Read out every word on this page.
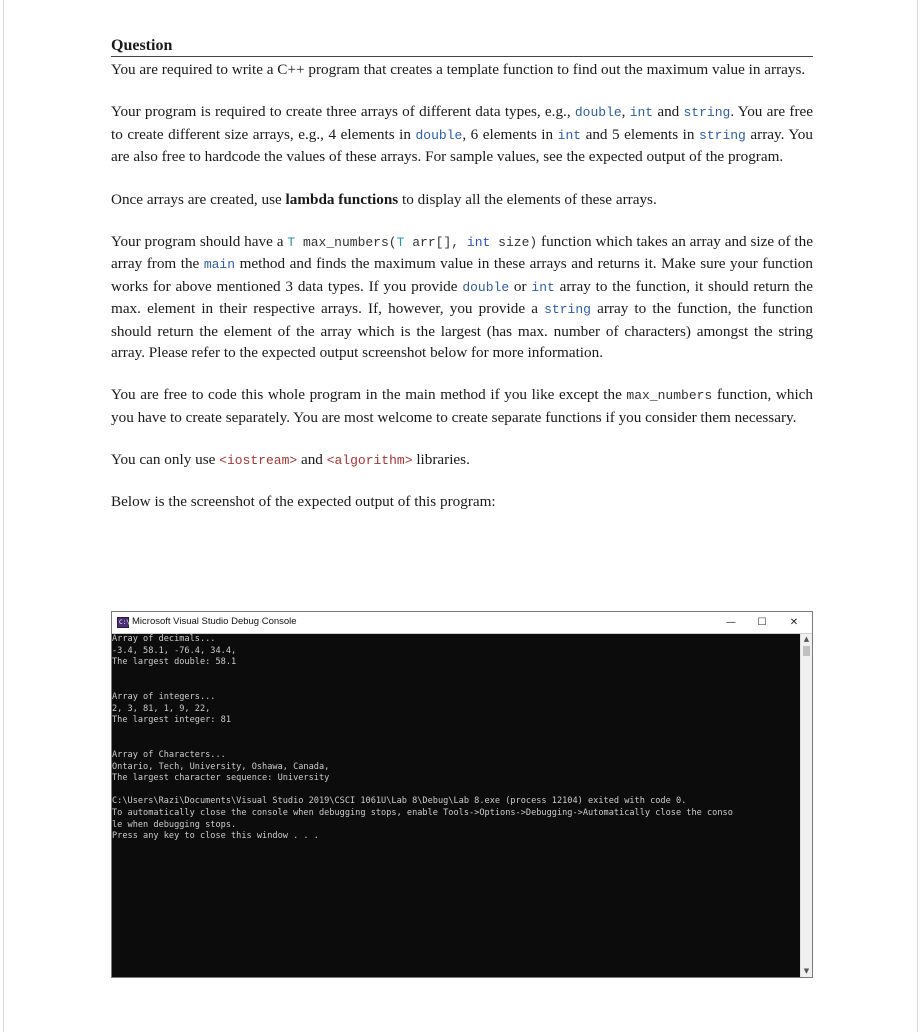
Question

You are required to write a C++ program that creates a template function to find out the maximum value in arrays.

Your program is required to create three arrays of different data types, e.g., double, int and string. You are free to create different size arrays, e.g., 4 elements in double, 6 elements in int and 5 elements in string array. You are also free to hardcode the values of these arrays. For sample values, see the expected output of the program.

Once arrays are created, use lambda functions to display all the elements of these arrays.

Your program should have a T max_numbers(T arr[], int size) function which takes an array and size of the array from the main method and finds the maximum value in these arrays and returns it. Make sure your function works for above mentioned 3 data types. If you provide double or int array to the function, it should return the max. element in their respective arrays. If, however, you provide a string array to the function, the function should return the element of the array which is the largest (has max. number of characters) amongst the string array. Please refer to the expected output screenshot below for more information.

You are free to code this whole program in the main method if you like except the max_numbers function, which you have to create separately. You are most welcome to create separate functions if you consider them necessary.

You can only use <iostream> and <algorithm> libraries.

Below is the screenshot of the expected output of this program:

C:\ Microsoft Visual Studio Debug Console	—	☐	✕
Array of decimals...
-3.4, 58.1, -76.4, 34.4,
The largest double: 58.1

Array of integers...
2, 3, 81, 1, 9, 22,
The largest integer: 81

Array of Characters...
Ontario, Tech, University, Oshawa, Canada,
The largest character sequence: University

C:\Users\Razi\Documents\Visual Studio 2019\CSCI 1061U\Lab 8\Debug\Lab 8.exe (process 12104) exited with code 0.
To automatically close the console when debugging stops, enable Tools->Options->Debugging->Automatically close the conso
le when debugging stops.
Press any key to close this window . . .
▲
▼
